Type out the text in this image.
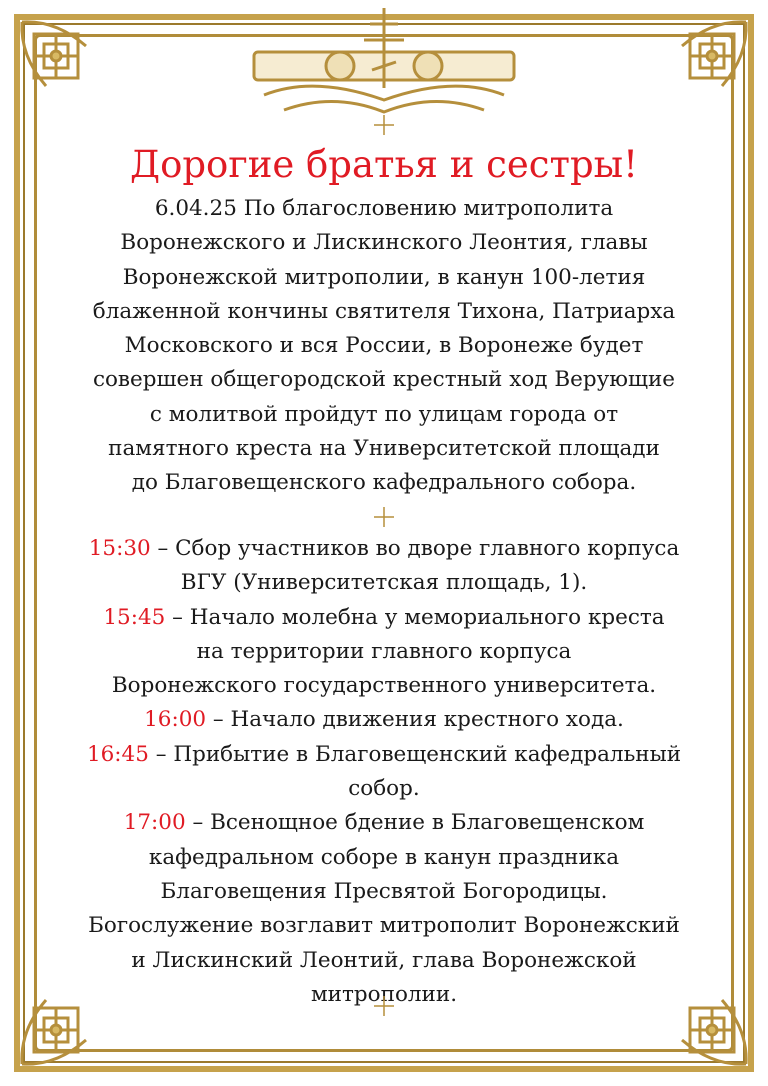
Дорогие братья и сестры!
6.04.25 По благословению митрополита
Воронежского и Лискинского Леонтия, главы
Воронежской митрополии, в канун 100-летия
блаженной кончины святителя Тихона, Патриарха
Московского и вся России, в Воронеже будет
совершен общегородской крестный ход Верующие
с молитвой пройдут по улицам города от
памятного креста на Университетской площади
до Благовещенского кафедрального собора.

15:30 – Сбор участников во дворе главного корпуса

ВГУ (Университетская площадь, 1).

15:45 – Начало молебна у мемориального креста

на территории главного корпуса

Воронежского государственного университета.

16:00 – Начало движения крестного хода.

16:45 – Прибытие в Благовещенский кафедральный

собор.

17:00 – Всенощное бдение в Благовещенском

кафедральном соборе в канун праздника

Благовещения Пресвятой Богородицы.

Богослужение возглавит митрополит Воронежский

и Лискинский Леонтий, глава Воронежской

митрополии.
